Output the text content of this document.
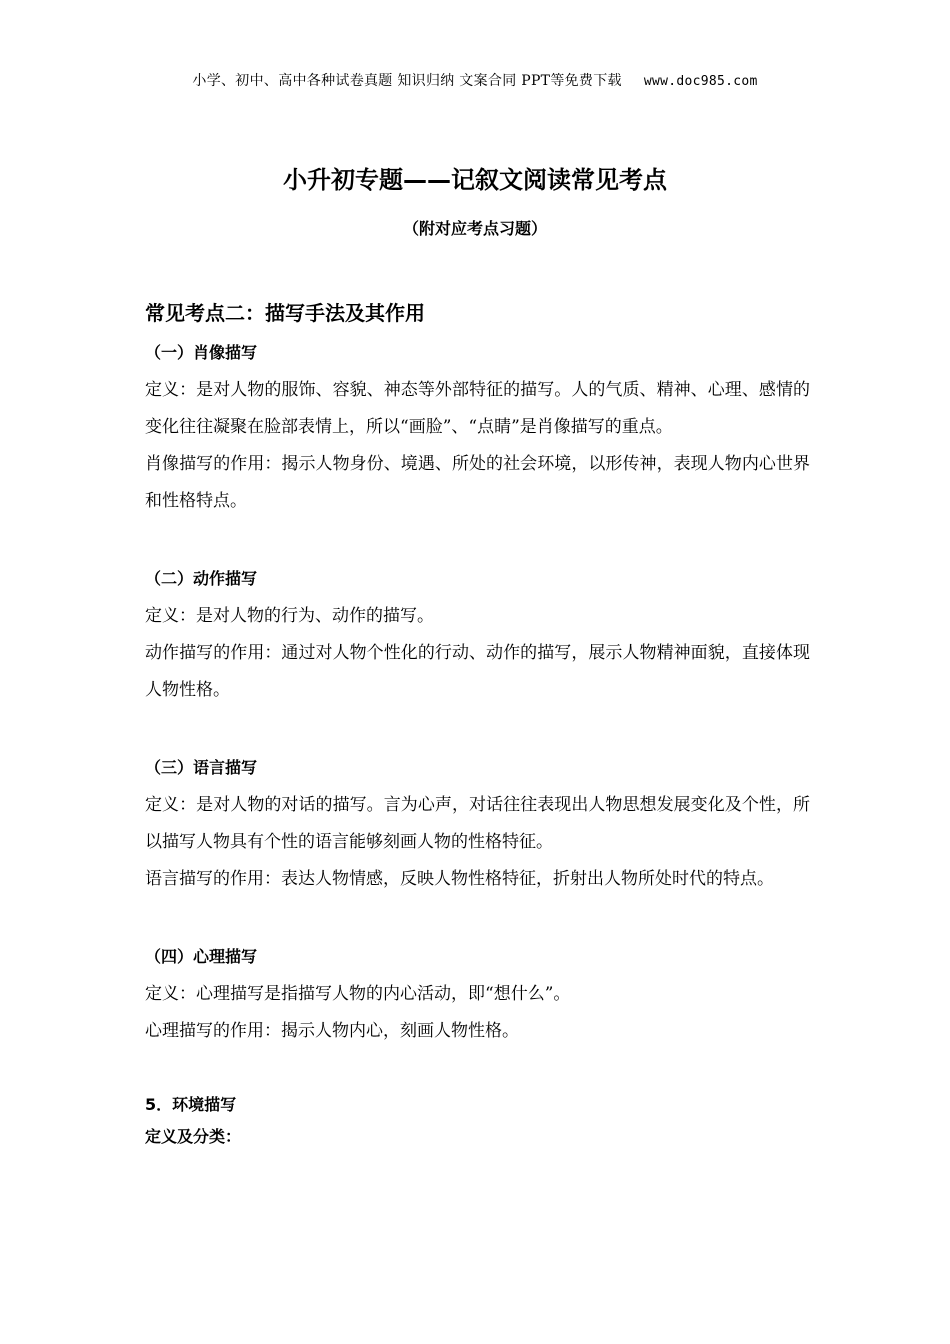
小学、初中、高中各种试卷真题 知识归纳 文案合同 PPT等免费下载 www.doc985.com
小升初专题——记叙文阅读常见考点
（附对应考点习题）
常见考点二：描写手法及其作用
（一）肖像描写

定义：是对人物的服饰、容貌、神态等外部特征的描写。人的气质、精神、心理、感情的变化往往凝聚在脸部表情上，所以“画脸”、“点睛”是肖像描写的重点。

肖像描写的作用：揭示人物身份、境遇、所处的社会环境，以形传神，表现人物内心世界和性格特点。

（二）动作描写

定义：是对人物的行为、动作的描写。

动作描写的作用：通过对人物个性化的行动、动作的描写，展示人物精神面貌，直接体现人物性格。

（三）语言描写

定义：是对人物的对话的描写。言为心声，对话往往表现出人物思想发展变化及个性，所以描写人物具有个性的语言能够刻画人物的性格特征。

语言描写的作用：表达人物情感，反映人物性格特征，折射出人物所处时代的特点。

（四）心理描写

定义：心理描写是指描写人物的内心活动，即“想什么”。

心理描写的作用：揭示人物内心，刻画人物性格。

5．环境描写
定义及分类：
